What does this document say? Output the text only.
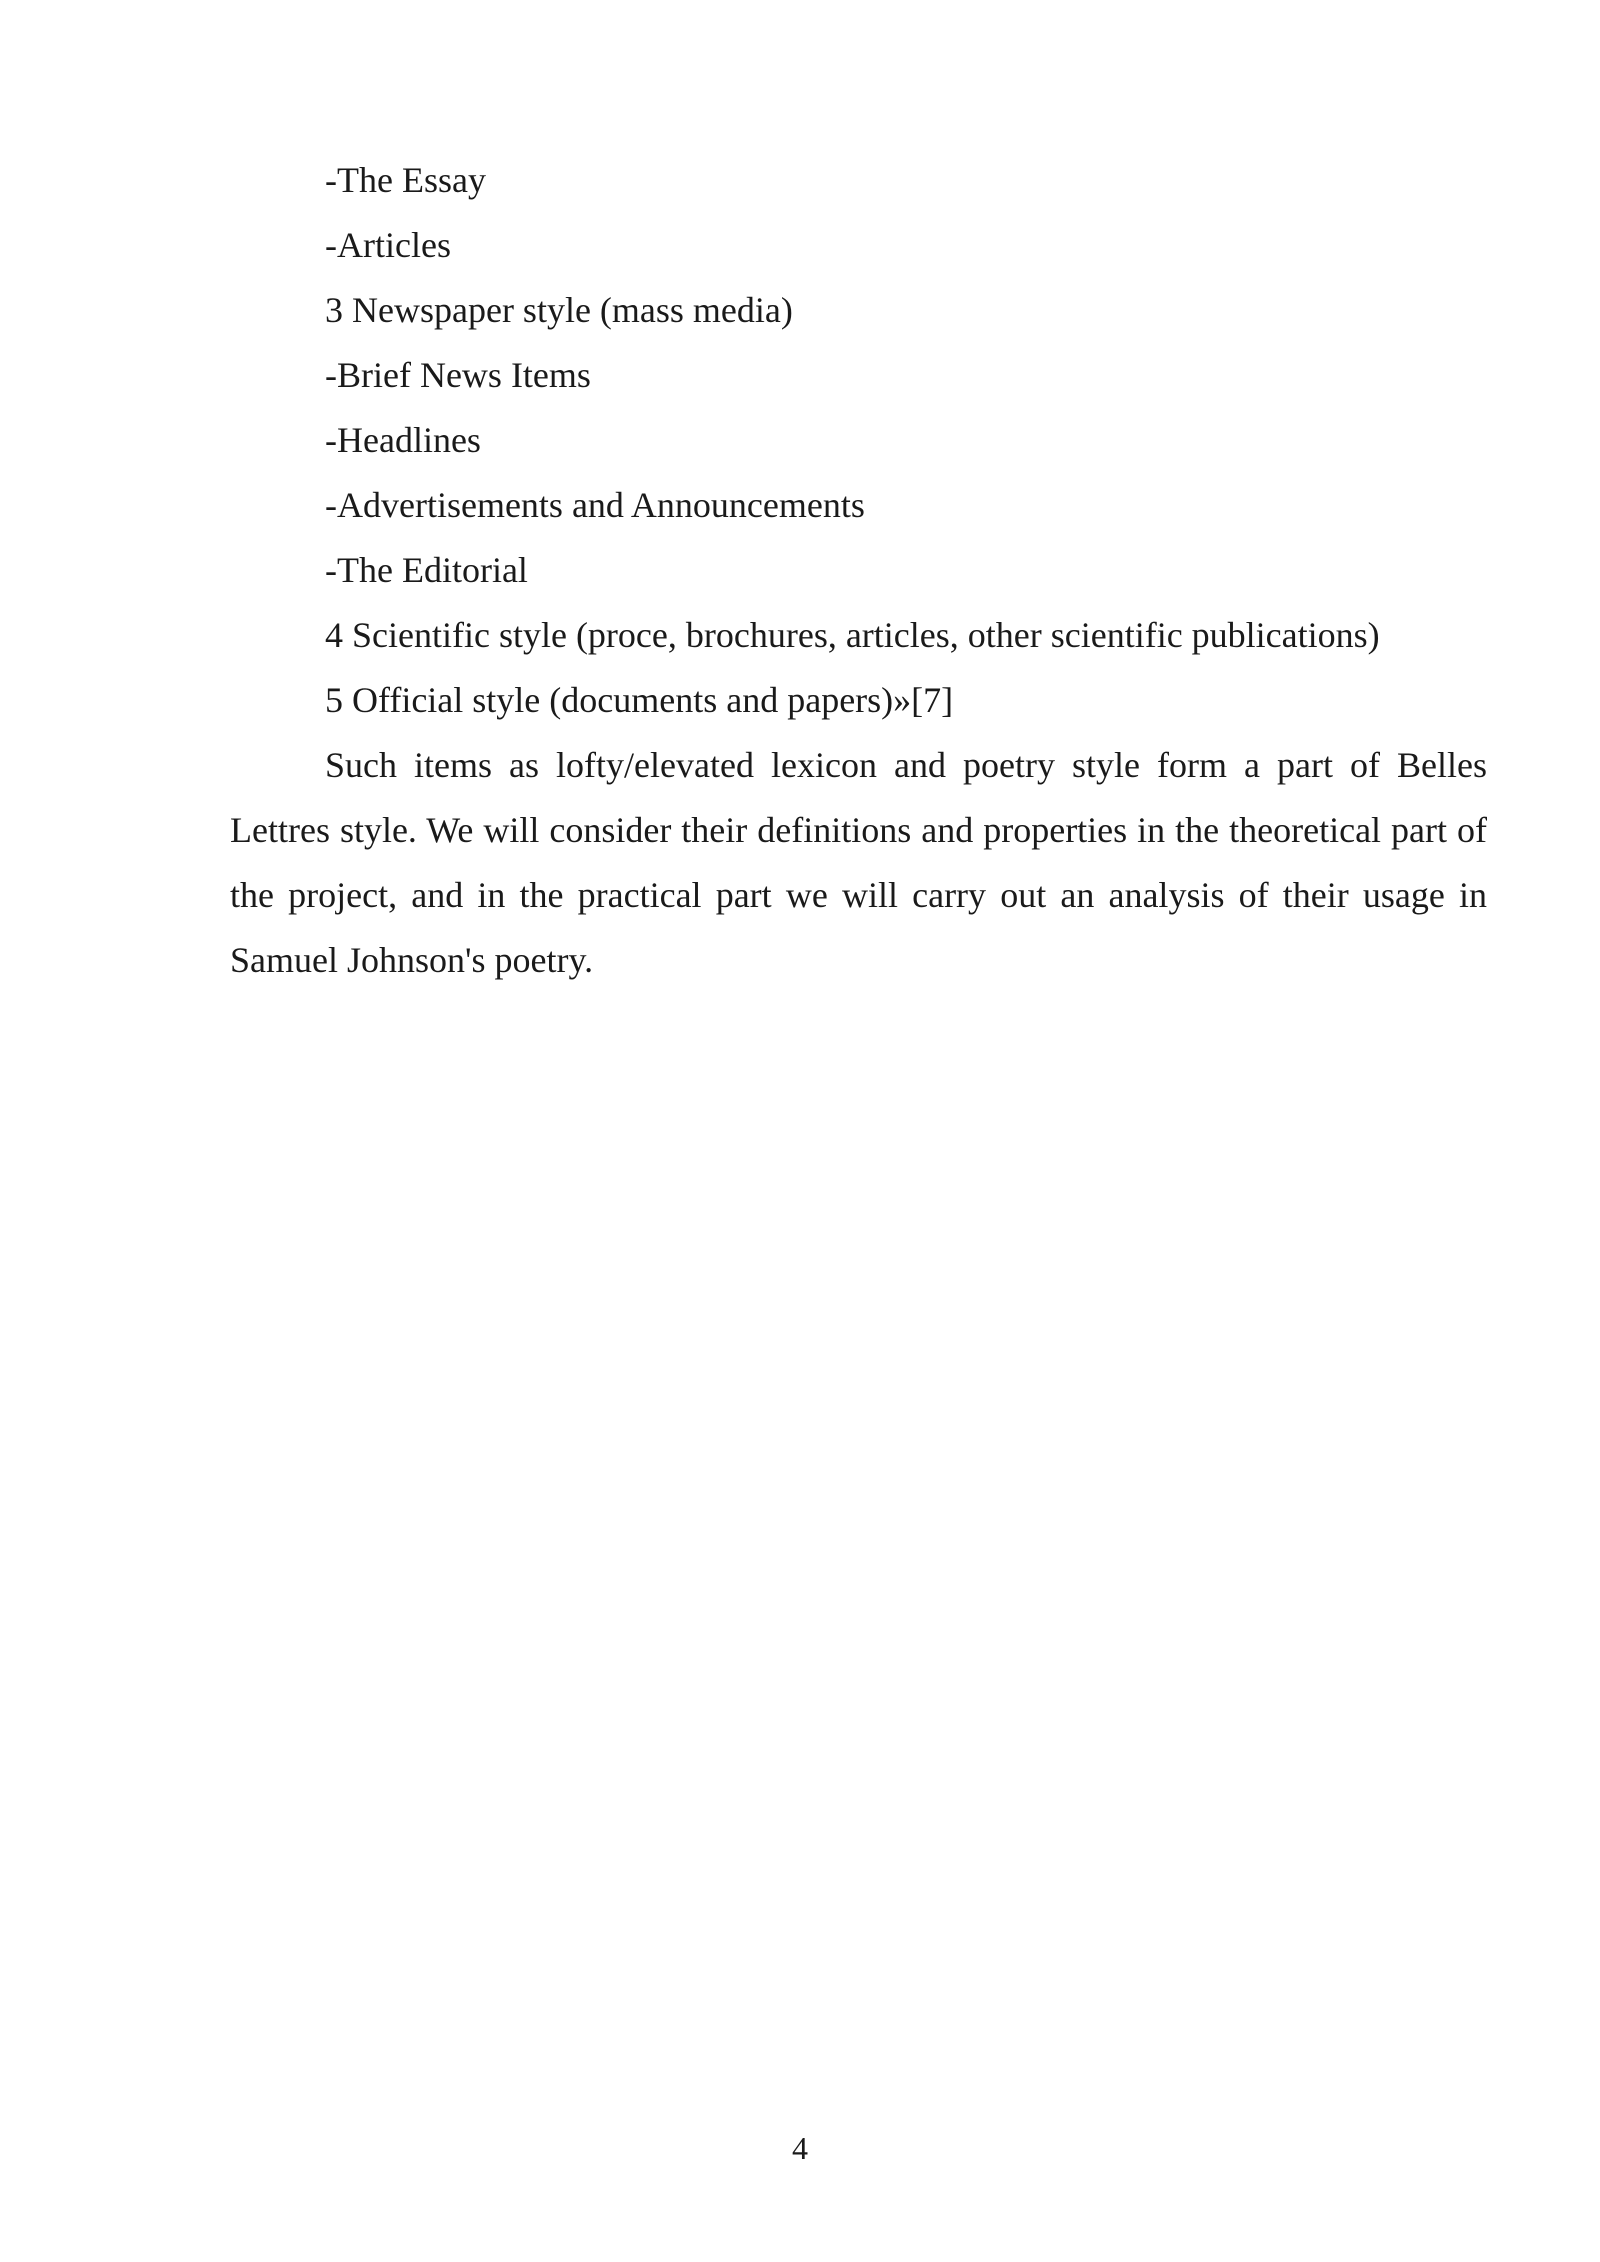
-The Essay
-Articles
3 Newspaper style (mass media)
-Brief News Items
-Headlines
-Advertisements and Announcements
-The Editorial
4 Scientific style (proce, brochures, articles, other scientific publications)
5 Official style (documents and papers)»[7]

Such items as lofty/elevated lexicon and poetry style form a part of Belles Lettres style. We will consider their definitions and properties in the theoretical part of the project, and in the practical part we will carry out an analysis of their usage in Samuel Johnson's poetry.

4
